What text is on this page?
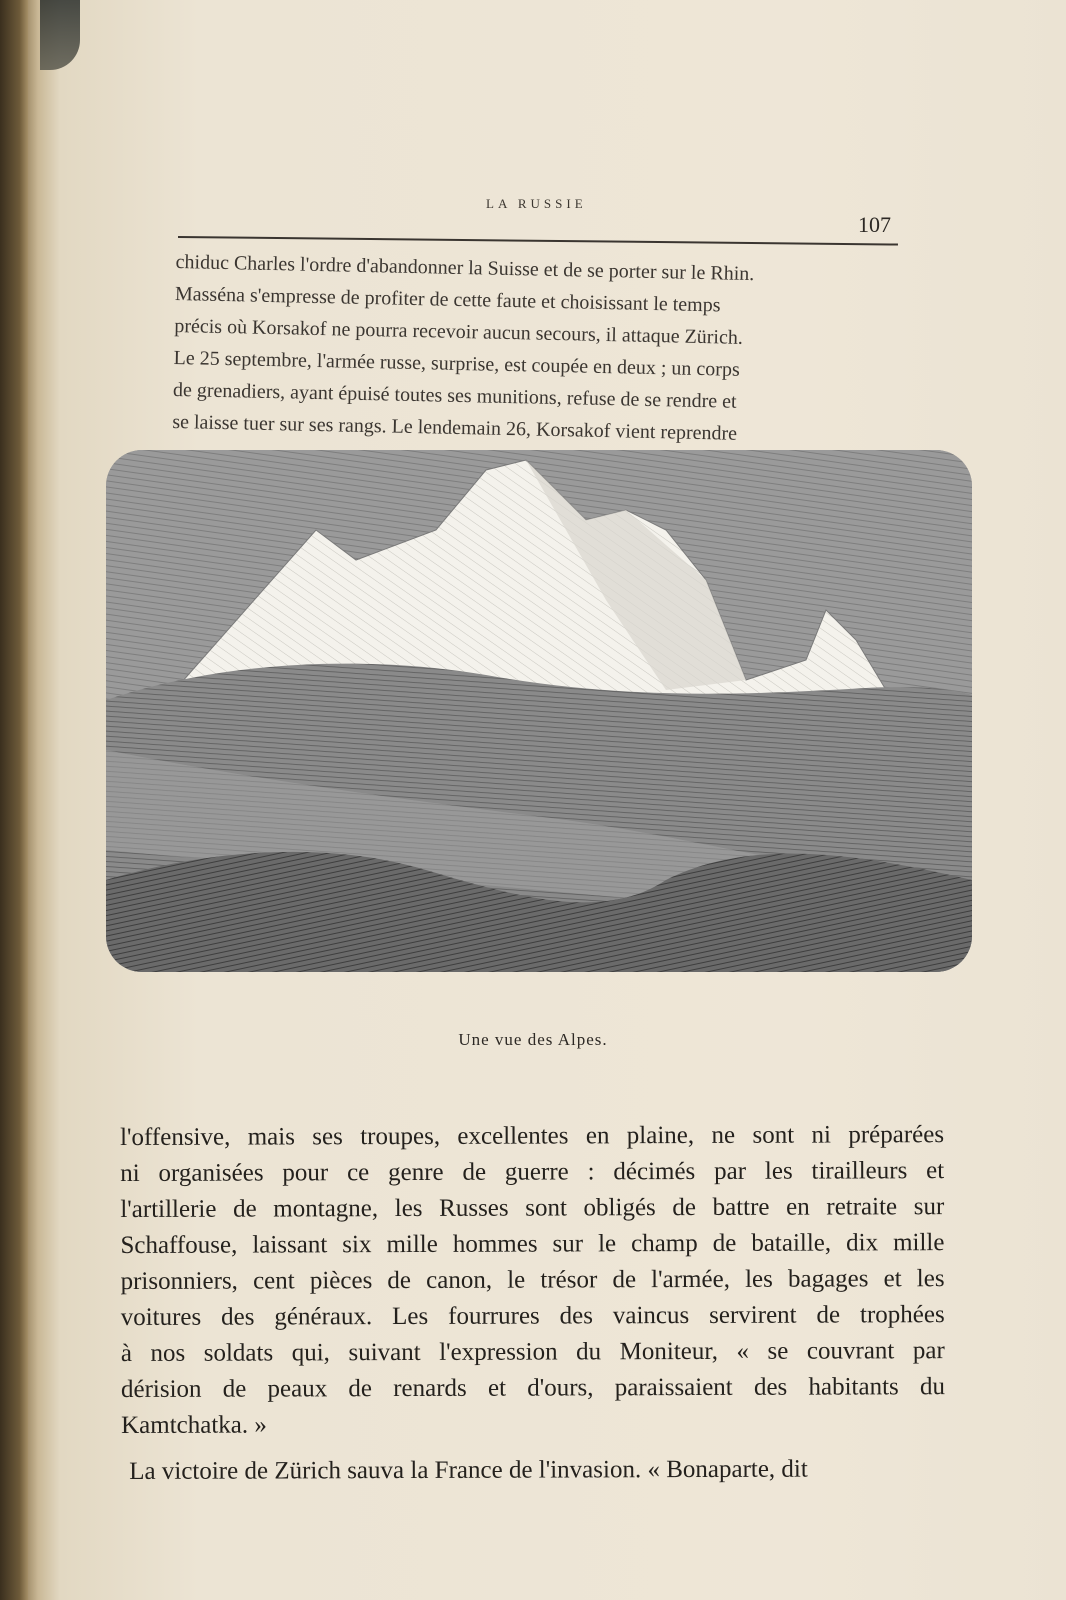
LA RUSSIE
107
chiduc Charles l'ordre d'abandonner la Suisse et de se porter sur le Rhin.
Masséna s'empresse de profiter de cette faute et choisissant le temps
précis où Korsakof ne pourra recevoir aucun secours, il attaque Zürich.
Le 25 septembre, l'armée russe, surprise, est coupée en deux ; un corps
de grenadiers, ayant épuisé toutes ses munitions, refuse de se rendre et
se laisse tuer sur ses rangs. Le lendemain 26, Korsakof vient reprendre
Une vue des Alpes.
l'offensive, mais ses troupes, excellentes en plaine, ne sont ni préparées
ni organisées pour ce genre de guerre : décimés par les tirailleurs et
l'artillerie de montagne, les Russes sont obligés de battre en retraite sur
Schaffouse, laissant six mille hommes sur le champ de bataille, dix mille
prisonniers, cent pièces de canon, le trésor de l'armée, les bagages et les
voitures des généraux. Les fourrures des vaincus servirent de trophées
à nos soldats qui, suivant l'expression du Moniteur, « se couvrant par
dérision de peaux de renards et d'ours, paraissaient des habitants du
Kamtchatka. »
La victoire de Zürich sauva la France de l'invasion. « Bonaparte, dit
